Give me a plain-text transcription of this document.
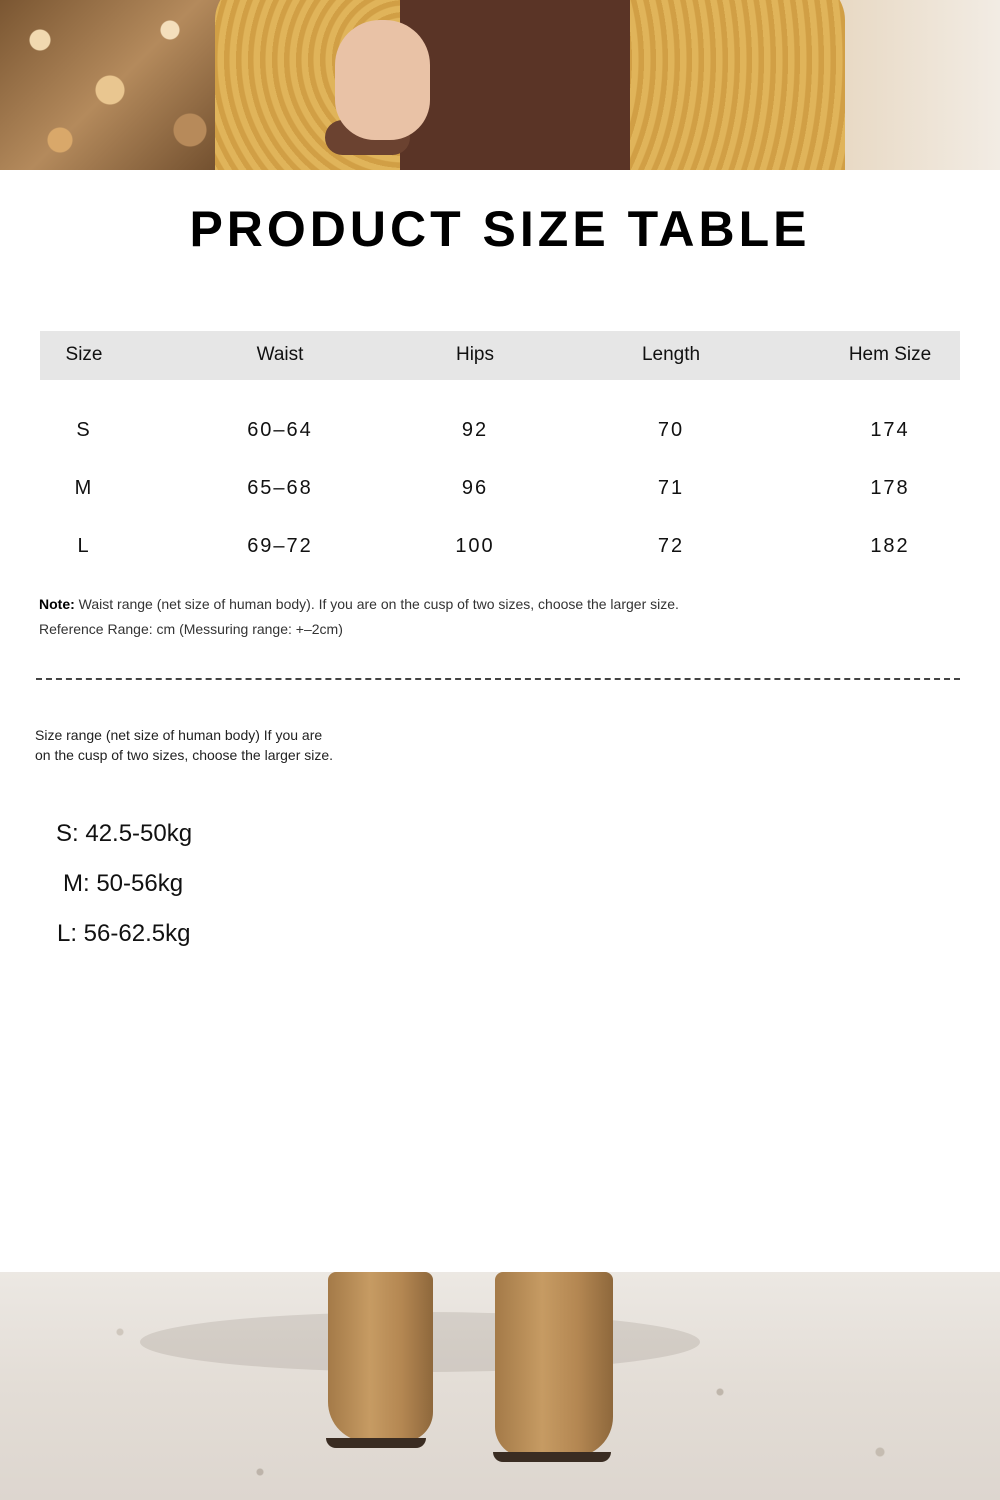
PRODUCT SIZE TABLE
Size	Waist	Hips	Length	Hem Size
S	60–64	92	70	174
M	65–68	96	71	178
L	69–72	100	72	182

Note: Waist range (net size of human body). If you are on the cusp of two sizes, choose the larger size.

Reference Range: cm (Messuring range: +–2cm)

Size range (net size of human body) If you are
on the cusp of two sizes, choose the larger size.

S: 42.5-50kg

M: 50-56kg

L: 56-62.5kg
